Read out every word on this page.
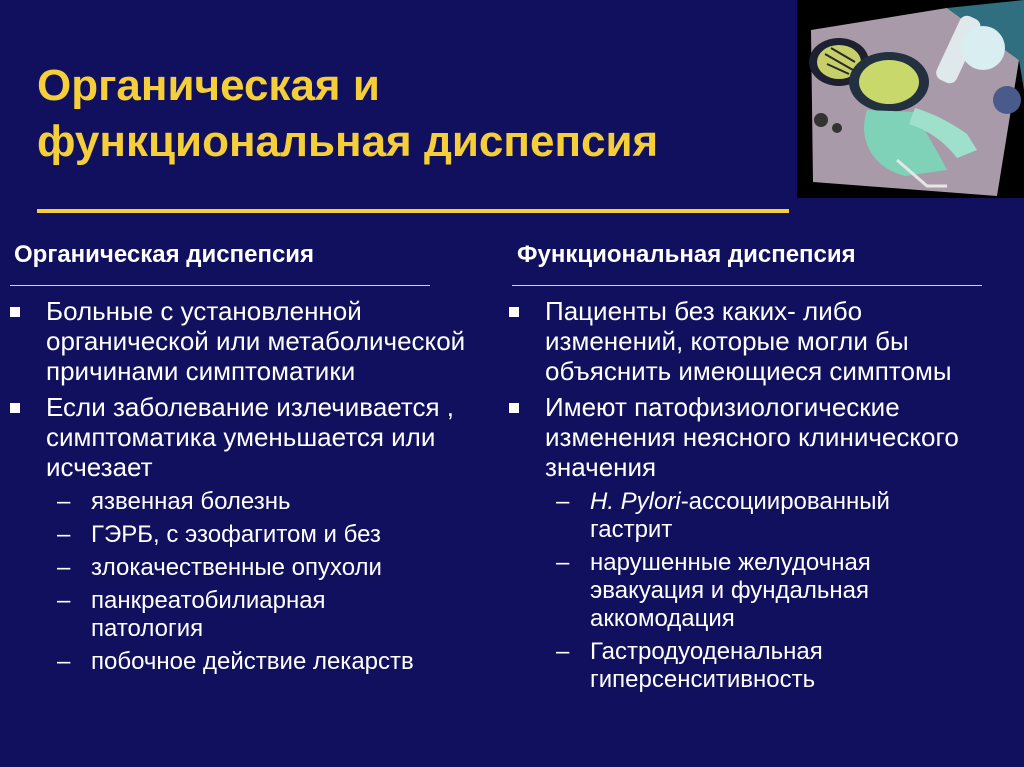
Органическая и
функциональная диспепсия
Органическая диспепсия	Функциональная диспепсия
Больные с установленной органической или метаболической причинами симптоматики
Если заболевание излечивается , симптоматика уменьшается или исчезает
– язвенная болезнь
– ГЭРБ, с эзофагитом и без
– злокачественные опухоли
– панкреатобилиарная патология
– побочное действие лекарств
Пациенты без каких- либо изменений, которые могли бы объяснить имеющиеся симптомы
Имеют патофизиологические изменения неясного клинического значения
– H. Pylori-ассоциированный гастрит
– нарушенные желудочная эвакуация и фундальная аккомодация
– Гастродуоденальная гиперсенситивность
